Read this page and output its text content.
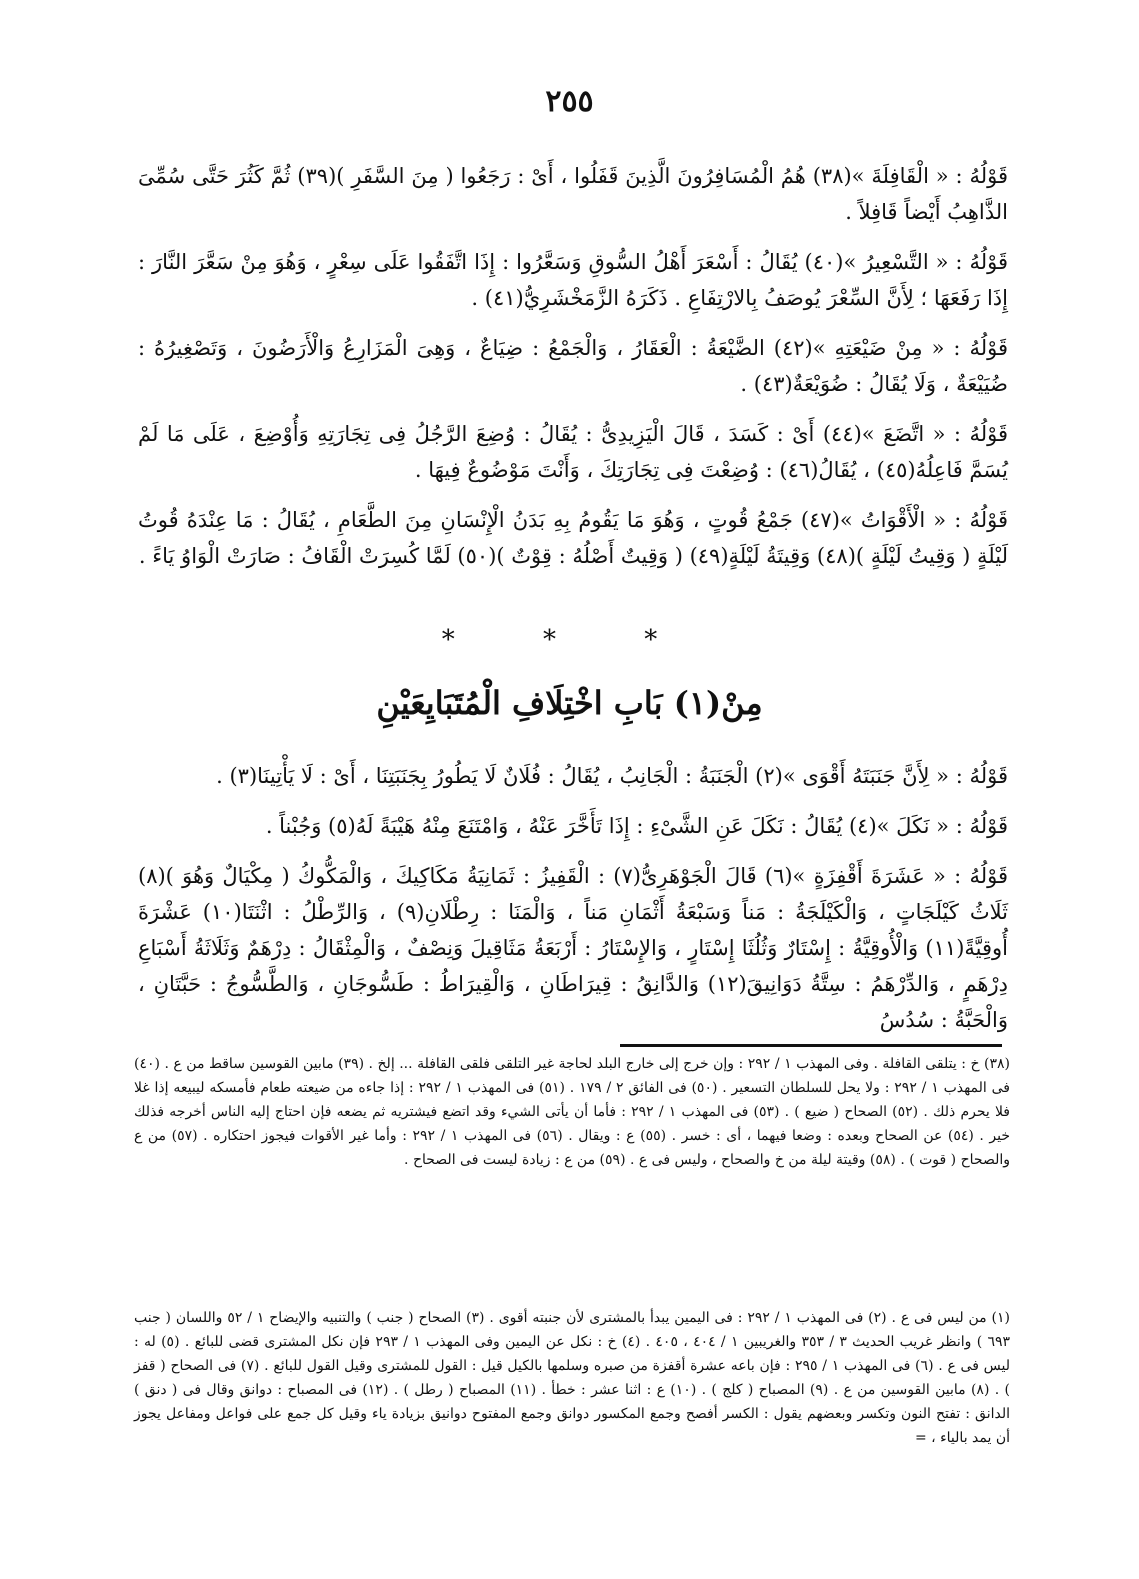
٢٥٥

قَوْلُهُ : « الْقَافِلَةَ »(٣٨) هُمُ الْمُسَافِرُونَ الَّذِينَ قَفَلُوا ، أَىْ : رَجَعُوا ( مِنَ السَّفَرِ )(٣٩) ثُمَّ كَثُرَ حَتَّى سُمِّىَ الذَّاهِبُ أَيْضاً قَافِلاً .

قَوْلُهُ : « التَّسْعِيرُ »(٤٠) يُقَالُ : أَسْعَرَ أَهْلُ السُّوقِ وَسَعَّرُوا : إِذَا اتَّفَقُوا عَلَى سِعْرٍ ، وَهُوَ مِنْ سَعَّرَ النَّارَ : إِذَا رَفَعَهَا ؛ لِأَنَّ السِّعْرَ يُوصَفُ بِالارْتِفَاعِ . ذَكَرَهُ الزَّمَخْشَرِيُّ(٤١) .

قَوْلُهُ : « مِنْ ضَيْعَتِهِ »(٤٢) الضَّيْعَةُ : الْعَقَارُ ، وَالْجَمْعُ : ضِيَاعٌ ، وَهِىَ الْمَزَارِعُ وَالْأَرَضُونَ ، وَتَصْغِيرُهُ : ضُيَيْعَةٌ ، وَلَا يُقَالُ : ضُوَيْعَةٌ(٤٣) .

قَوْلُهُ : « اتَّضَعَ »(٤٤) أَىْ : كَسَدَ ، قَالَ الْيَزِيدِىُّ : يُقَالُ : وُضِعَ الرَّجُلُ فِى تِجَارَتِهِ وَأُوْضِعَ ، عَلَى مَا لَمْ يُسَمَّ فَاعِلُهُ(٤٥) ، يُقَالُ(٤٦) : وُضِعْتَ فِى تِجَارَتِكَ ، وَأَنْتَ مَوْضُوعٌ فِيهَا .

قَوْلُهُ : « الْأَقْوَاتُ »(٤٧) جَمْعُ قُوتٍ ، وَهُوَ مَا يَقُومُ بِهِ بَدَنُ الْإِنْسَانِ مِنَ الطَّعَامِ ، يُقَالُ : مَا عِنْدَهُ قُوتُ لَيْلَةٍ ( وَقِيتُ لَيْلَةٍ )(٤٨) وَقِيتَةُ لَيْلَةٍ(٤٩) ( وَقِيتٌ أَصْلُهُ : قِوْتٌ )(٥٠) لَمَّا كُسِرَتْ الْقَافُ : صَارَتْ الْوَاوُ يَاءً .

* * *
مِنْ(١) بَابِ اخْتِلَافِ الْمُتَبَايِعَيْنِ

قَوْلُهُ : « لِأَنَّ جَنَبَتَهُ أَقْوَى »(٢) الْجَنَبَةُ : الْجَانِبُ ، يُقَالُ : فُلَانٌ لَا يَطُورُ بِجَنَبَتِنَا ، أَىْ : لَا يَأْتِينَا(٣) .

قَوْلُهُ : « نَكَلَ »(٤) يُقَالُ : نَكَلَ عَنِ الشَّىْءِ : إِذَا تَأَخَّرَ عَنْهُ ، وَامْتَنَعَ مِنْهُ هَيْبَةً لَهُ(٥) وَجُبْناً .

قَوْلُهُ : « عَشَرَةَ أَقْفِزَةٍ »(٦) قَالَ الْجَوْهَرِىُّ(٧) : الْقَفِيزُ : ثَمَانِيَةُ مَكَاكِيكَ ، وَالْمَكُّوكُ ( مِكْيَالٌ وَهُوَ )(٨) ثَلَاثُ كَيْلَجَاتٍ ، وَالْكَيْلَجَةُ : مَناً وَسَبْعَةُ أَثْمَانِ مَناً ، وَالْمَنَا : رِطْلَانِ(٩) ، وَالرِّطْلُ : اثْنَتَا(١٠) عَشْرَةَ أُوقِيَّةً(١١) وَالْأُوقِيَّةُ : إِسْتَارٌ وَثُلُثَا إِسْتَارٍ ، وَالإِسْتَارُ : أَرْبَعَةُ مَثَاقِيلَ وَنِصْفٌ ، وَالْمِثْقَالُ : دِرْهَمٌ وَثَلَاثَةُ أَسْبَاعِ دِرْهَمٍ ، وَالدِّرْهَمُ : سِتَّةُ دَوَانِيقَ(١٢) وَالدَّانِقُ : قِيرَاطَانِ ، وَالْقِيرَاطُ : طَسُّوجَانِ ، وَالطَّسُّوجُ : حَبَّتَانِ ، وَالْحَبَّةُ : سُدُسُ

(٣٨) خ : يتلقى القافلة . وفى المهذب ١ / ٢٩٢ : وإن خرج إلى خارج البلد لحاجة غير التلقى فلقى القافلة ... إلخ . (٣٩) مابين القوسين ساقط من ع . (٤٠) فى المهذب ١ / ٢٩٢ : ولا يحل للسلطان التسعير . (٥٠) فى الفائق ٢ / ١٧٩ . (٥١) فى المهذب ١ / ٢٩٢ : إذا جاءه من ضيعته طعام فأمسكه ليبيعه إذا غلا فلا يحرم ذلك . (٥٢) الصحاح ( ضيع ) . (٥٣) فى المهذب ١ / ٢٩٢ : فأما أن يأتى الشيء وقد اتضع فيشتريه ثم يضعه فإن احتاج إليه الناس أخرجه فذلك خير . (٥٤) عن الصحاح وبعده : وضعا فيهما ، أى : خسر . (٥٥) ع : ويقال . (٥٦) فى المهذب ١ / ٢٩٢ : وأما غير الأقوات فيجوز احتكاره . (٥٧) من ع والصحاح ( قوت ) . (٥٨) وقيتة ليلة من خ والصحاح ، وليس فى ع . (٥٩) من ع : زيادة ليست فى الصحاح .

(١) من ليس فى ع . (٢) فى المهذب ١ / ٢٩٢ : فى اليمين يبدأ بالمشترى لأن جنبته أقوى . (٣) الصحاح ( جنب ) والتنبيه والإيضاح ١ / ٥٢ واللسان ( جنب ٦٩٣ ) وانظر غريب الحديث ٣ / ٣٥٣ والغريبين ١ / ٤٠٤ ، ٤٠٥ . (٤) خ : نكل عن اليمين وفى المهذب ١ / ٢٩٣ فإن نكل المشترى قضى للبائع . (٥) له : ليس فى ع . (٦) فى المهذب ١ / ٢٩٥ : فإن باعه عشرة أقفزة من صبره وسلمها بالكيل قيل : القول للمشترى وقيل القول للبائع . (٧) فى الصحاح ( قفز ) . (٨) مابين القوسين من ع . (٩) المصباح ( كلج ) . (١٠) ع : اثنا عشر : خطأ . (١١) المصباح ( رطل ) . (١٢) فى المصباح : دوانق وقال فى ( دنق ) الدانق : تفتح النون وتكسر وبعضهم يقول : الكسر أفصح وجمع المكسور دوانق وجمع المفتوح دوانيق بزيادة ياء وقيل كل جمع على فواعل ومفاعل يجوز أن يمد بالياء ، =
